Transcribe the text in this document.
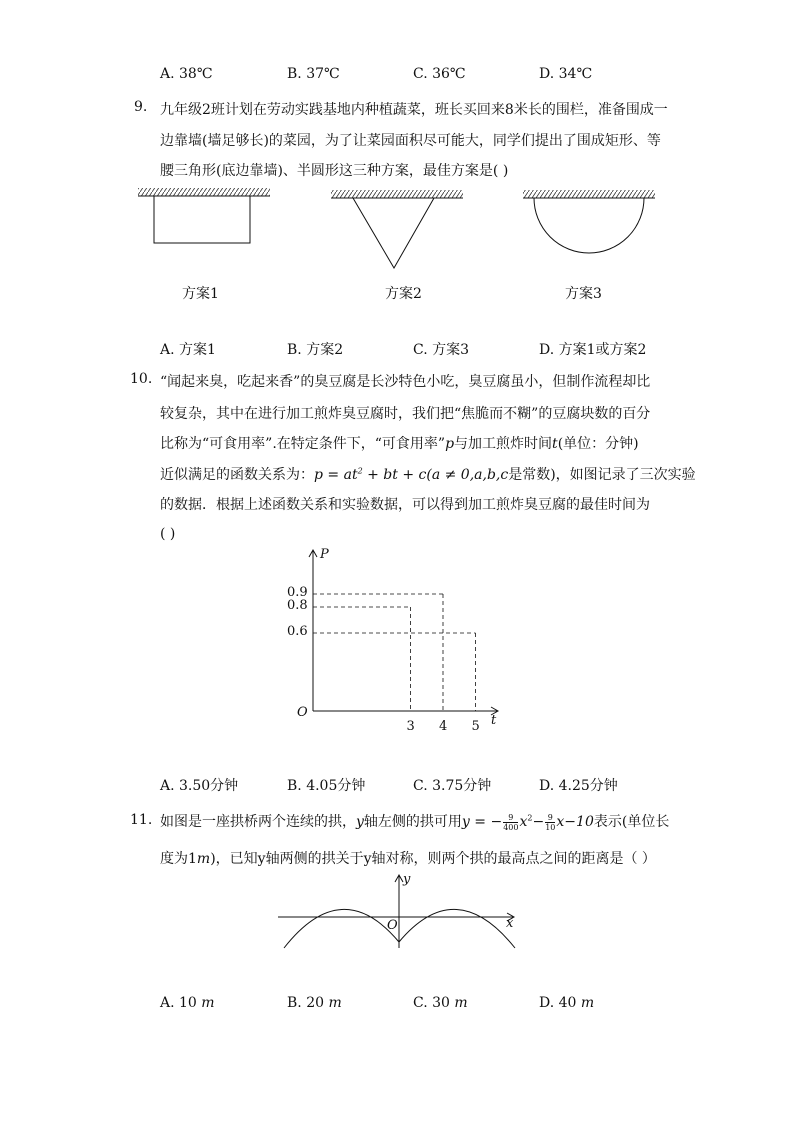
A. 38℃	B. 37℃	C. 36℃	D. 34℃
9. 九年级2班计划在劳动实践基地内种植蔬菜，班长买回来8米长的围栏，准备围成一
边靠墙(墙足够长)的菜园，为了让菜园面积尽可能大，同学们提出了围成矩形、等
腰三角形(底边靠墙)、半圆形这三种方案，最佳方案是( )
方案1	方案2	方案3
A. 方案1	B. 方案2	C. 方案3	D. 方案1或方案2
10. “闻起来臭，吃起来香”的臭豆腐是长沙特色小吃，臭豆腐虽小，但制作流程却比
较复杂，其中在进行加工煎炸臭豆腐时，我们把“焦脆而不糊”的豆腐块数的百分
比称为“可食用率”.在特定条件下，“可食用率”p与加工煎炸时间t(单位：分钟)
近似满足的函数关系为：$p = at^2$ + bt + c(a ≠ 0,a,b,c是常数)，如图记录了三次实验
的数据．根据上述函数关系和实验数据，可以得到加工煎炸臭豆腐的最佳时间为
( )
0.9
0.8
0.6
3 4 5
P
t
O
A. 3.50分钟	B. 4.05分钟	C. 3.75分钟	D. 4.25分钟
11. 如图是一座拱桥两个连续的拱，y轴左侧的拱可用y = − $\frac{9}{400} x^2- \frac{9}{10} x-10$表示(单位长
度为1m)，已知y轴两侧的拱关于y轴对称，则两个拱的最高点之间的距离是（ ）
y
x
O
A. 10 m	B. 20 m	C. 30 m	D. 40 m
